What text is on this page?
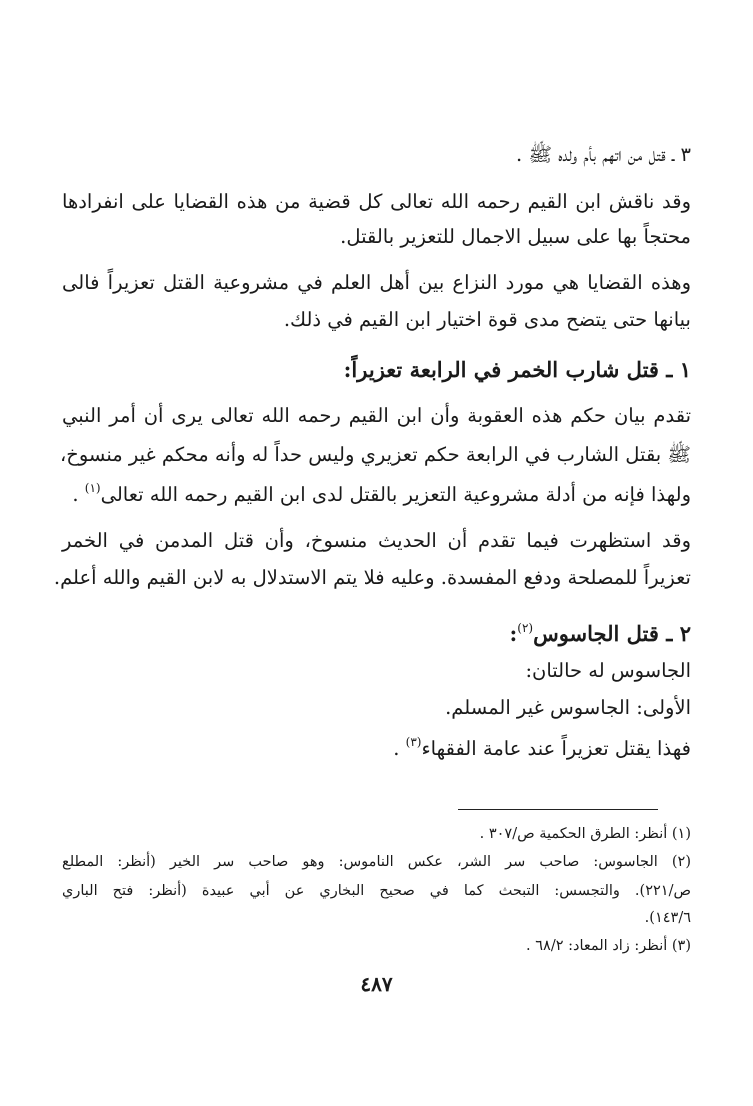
٣ ـ قتل من اتهم بأم ولده ﷺ .
وقد ناقش ابن القيم رحمه الله تعالى كل قضية من هذه القضايا على انفرادها
محتجاً بها على سبيل الاجمال للتعزير بالقتل.
وهذه القضايا هي مورد النزاع بين أهل العلم في مشروعية القتل تعزيراً فالى
بيانها حتى يتضح مدى قوة اختيار ابن القيم في ذلك.
١ ـ قتل شارب الخمر في الرابعة تعزيراً:
تقدم بيان حكم هذه العقوبة وأن ابن القيم رحمه الله تعالى يرى أن أمر النبي
ﷺ بقتل الشارب في الرابعة حكم تعزيري وليس حداً له وأنه محكم غير منسوخ،
ولهذا فإنه من أدلة مشروعية التعزير بالقتل لدى ابن القيم رحمه الله تعالى$^{(١)}$ .
وقد استظهرت فيما تقدم أن الحديث منسوخ، وأن قتل المدمن في الخمر
تعزيراً للمصلحة ودفع المفسدة. وعليه فلا يتم الاستدلال به لابن القيم والله أعلم.
٢ ـ قتل الجاسوس$^{(٢)}$:
الجاسوس له حالتان:
الأولى: الجاسوس غير المسلم.
فهذا يقتل تعزيراً عند عامة الفقهاء$^{(٣)}$ .
(١) أنظر: الطرق الحكمية ص/٣٠٧ .
(٢) الجاسوس: صاحب سر الشر، عكس الناموس: وهو صاحب سر الخير (أنظر: المطلع
ص/٢٢١). والتجسس: التبحث كما في صحيح البخاري عن أبي عبيدة (أنظر: فتح الباري
١٤٣/٦).
(٣) أنظر: زاد المعاد: ٦٨/٢ .
٤٨٧
